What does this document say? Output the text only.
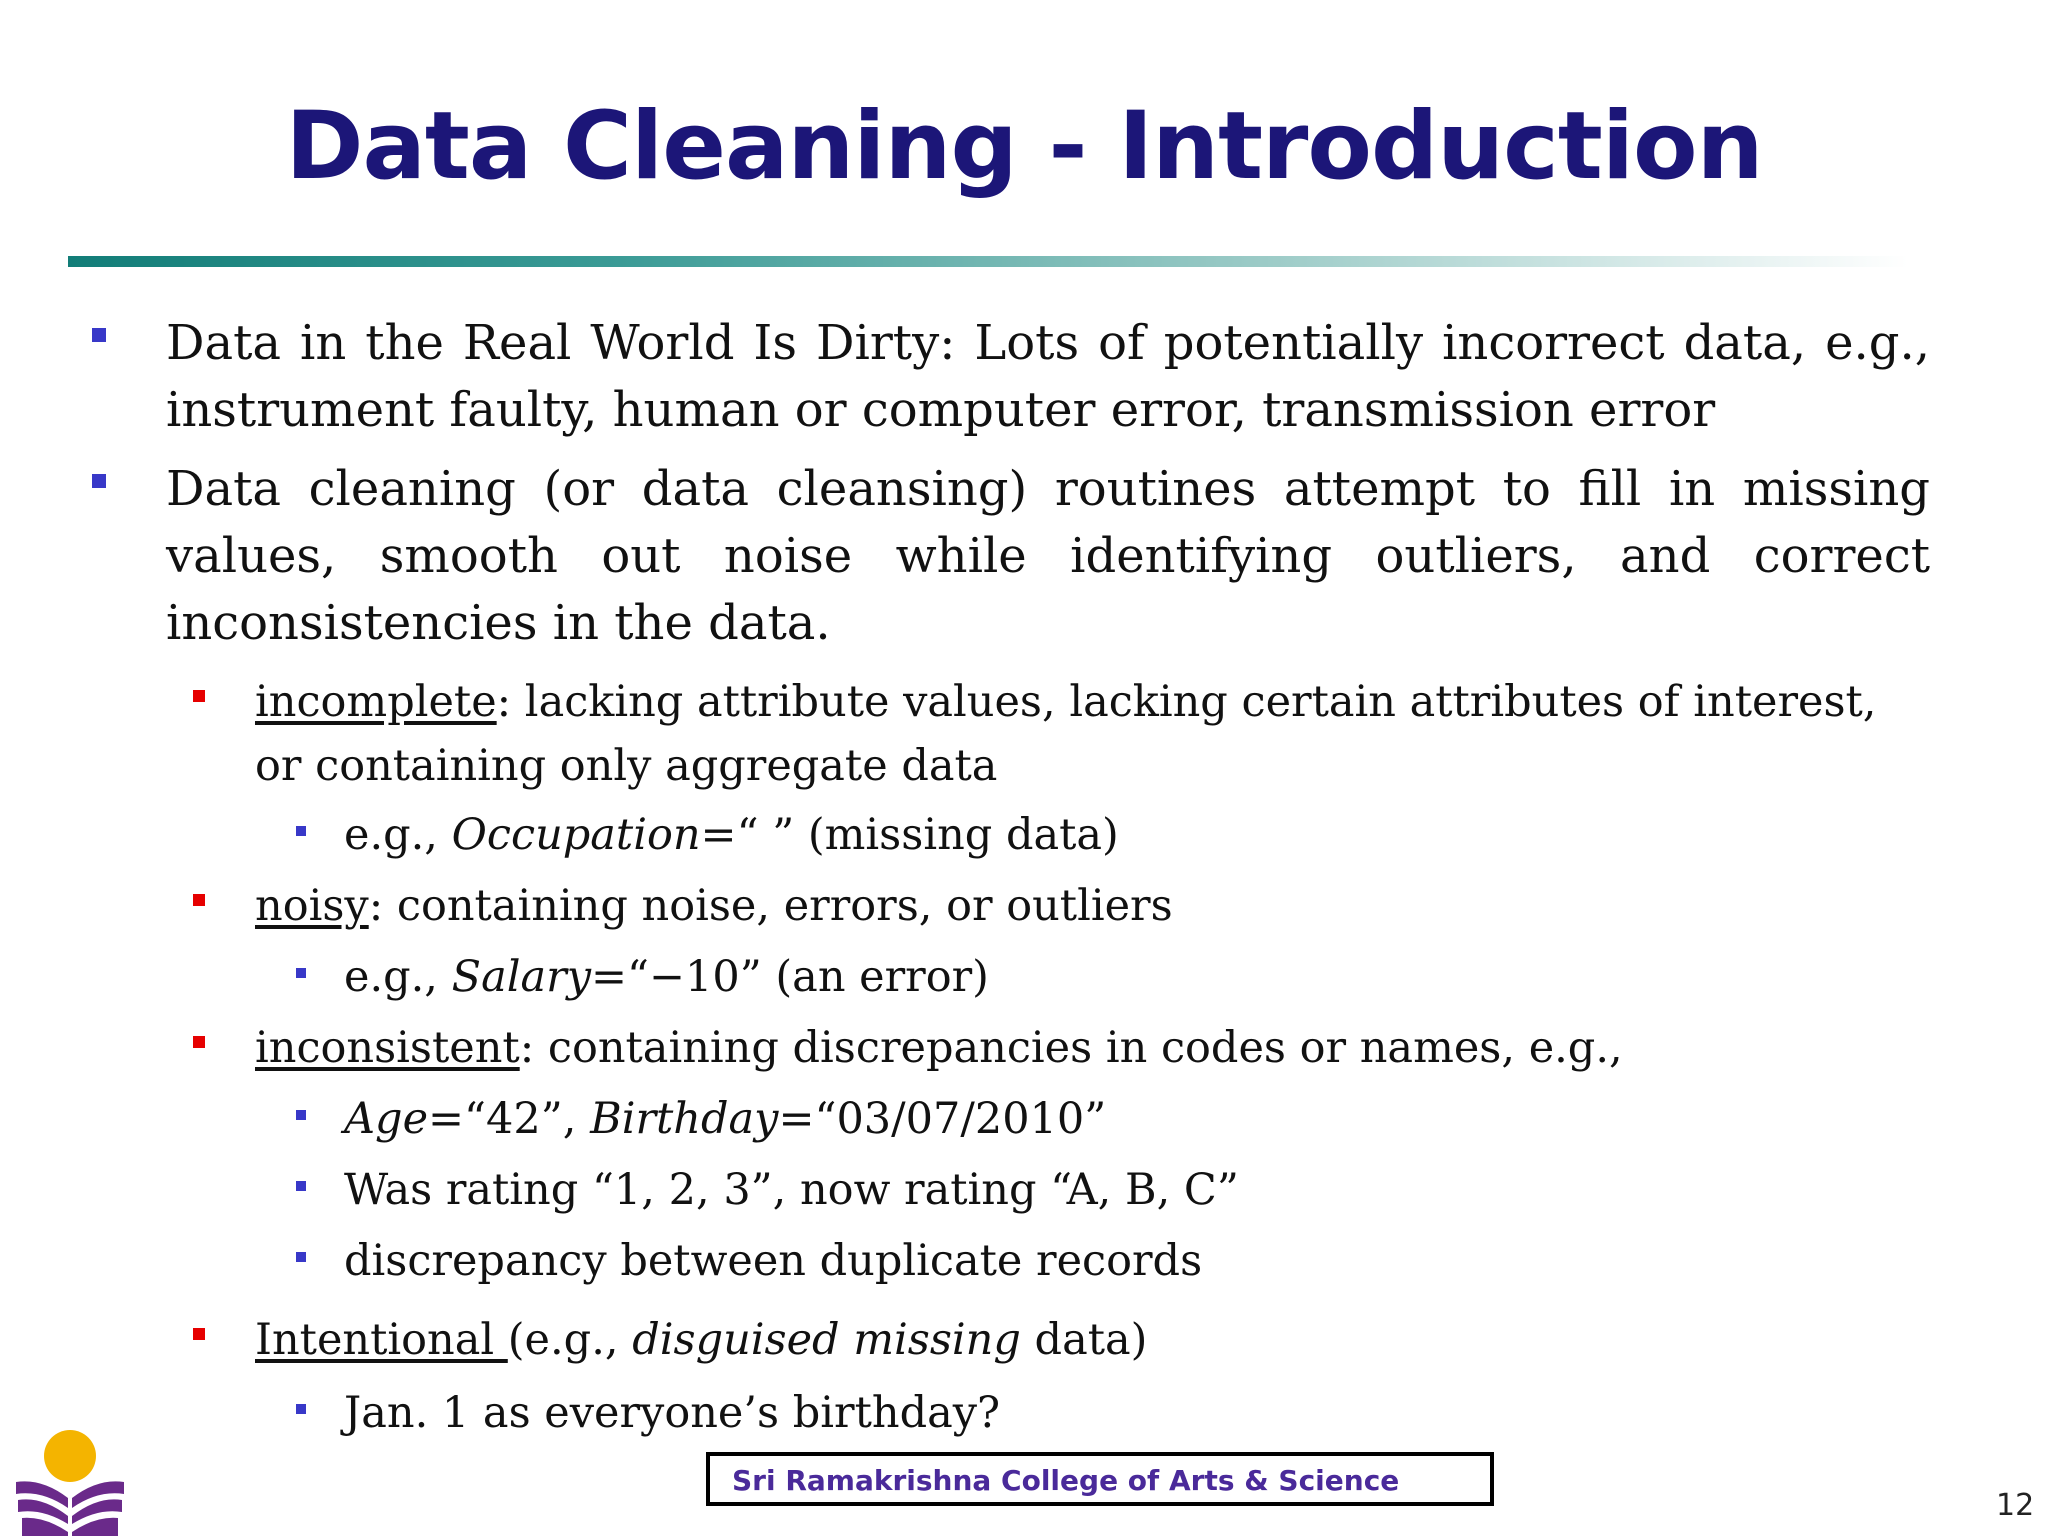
Data Cleaning - Introduction
Data in the Real World Is Dirty: Lots of potentially incorrect data, e.g., instrument faulty, human or computer error, transmission error
Data cleaning (or data cleansing) routines attempt to fill in missing values, smooth out noise while identifying outliers, and correct inconsistencies in the data.
incomplete: lacking attribute values, lacking certain attributes of interest,
or containing only aggregate data
e.g., Occupation=“ ” (missing data)
noisy: containing noise, errors, or outliers
e.g., Salary=“−10” (an error)
inconsistent: containing discrepancies in codes or names, e.g.,
Age=“42”, Birthday=“03/07/2010”
Was rating “1, 2, 3”, now rating “A, B, C”
discrepancy between duplicate records
Intentional (e.g., disguised missing data)
Jan. 1 as everyone’s birthday?
Sri Ramakrishna College of Arts & Science
12
